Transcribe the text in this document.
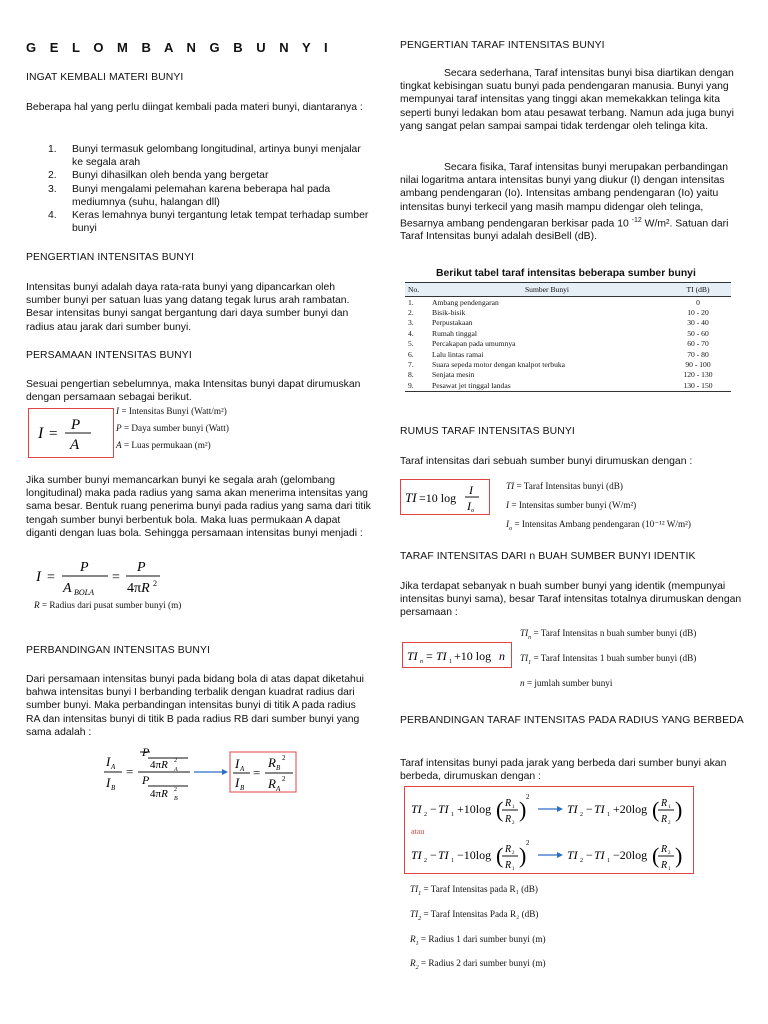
G E L O M B A N G B U N Y I
INGAT KEMBALI MATERI BUNYI
Beberapa hal yang perlu diingat kembali pada materi bunyi, diantaranya :
1. Bunyi termasuk gelombang longitudinal, artinya bunyi menjalar ke segala arah
2. Bunyi dihasilkan oleh benda yang bergetar
3. Bunyi mengalami pelemahan karena beberapa hal pada mediumnya (suhu, halangan dll)
4. Keras lemahnya bunyi tergantung letak tempat terhadap sumber bunyi
PENGERTIAN INTENSITAS BUNYI
Intensitas bunyi adalah daya rata-rata bunyi yang dipancarkan oleh sumber bunyi per satuan luas yang datang tegak lurus arah rambatan. Besar intensitas bunyi sangat bergantung dari daya sumber bunyi dan radius atau jarak dari sumber bunyi.
PERSAMAAN INTENSITAS BUNYI
Sesuai pengertian sebelumnya, maka Intensitas bunyi dapat dirumuskan dengan persamaan sebagai berikut.
I =
P
A
I = Intensitas Bunyi (Watt/m²)
P = Daya sumber bunyi (Watt)
A = Luas permukaan (m²)
Jika sumber bunyi memancarkan bunyi ke segala arah (gelombang longitudinal) maka pada radius yang sama akan menerima intensitas yang sama besar. Bentuk ruang penerima bunyi pada radius yang sama dari titik tengah sumber bunyi berbentuk bola. Maka luas permukaan A dapat diganti dengan luas bola. Sehingga persamaan intensitas bunyi menjadi :
I =
P
A BOLA
=
P
4πR 2
R = Radius dari pusat sumber bunyi (m)
PERBANDINGAN INTENSITAS BUNYI
Dari persamaan intensitas bunyi pada bidang bola di atas dapat diketahui bahwa intensitas bunyi I berbanding terbalik dengan kuadrat radius dari sumber bunyi. Maka perbandingan intensitas bunyi di titik A pada radius RA dan intensitas bunyi di titik B pada radius RB dari sumber bunyi yang sama adalah :
I A
I B
=
P
4πR 2
A
P
4πR 2
B
I A
I B
=
R B
2
R A
2
PENGERTIAN TARAF INTENSITAS BUNYI
Secara sederhana, Taraf intensitas bunyi bisa diartikan dengan tingkat kebisingan suatu bunyi pada pendengaran manusia. Bunyi yang mempunyai taraf intensitas yang tinggi akan memekakkan telinga kita seperti bunyi ledakan bom atau pesawat terbang. Namun ada juga bunyi yang sangat pelan sampai sampai tidak terdengar oleh telinga kita.
Secara fisika, Taraf intensitas bunyi merupakan perbandingan nilai logaritma antara intensitas bunyi yang diukur (I) dengan intensitas ambang pendengaran (Io). Intensitas ambang pendengaran (Io) yaitu intensitas bunyi terkecil yang masih mampu didengar oleh telinga, Besarnya ambang pendengaran berkisar pada 10 $^{-12}$ W/m². Satuan dari Taraf Intensitas bunyi adalah desiBell (dB).
Berikut tabel taraf intensitas beberapa sumber bunyi
No.	Sumber Bunyi	TI (dB)
1.	Ambang pendengaran	0
2.	Bisik-bisik	10 - 20
3.	Perpustakaan	30 - 40
4.	Rumah tinggal	50 - 60
5.	Percakapan pada umumnya	60 - 70
6.	Lalu lintas ramai	70 - 80
7.	Suara sepeda motor dengan knalpot terbuka	90 - 100
8.	Senjata mesin	120 - 130
9.	Pesawat jet tinggal landas	130 - 150
RUMUS TARAF INTENSITAS BUNYI
Taraf intensitas dari sebuah sumber bunyi dirumuskan dengan :
TI =10 log
I
I o
TI = Taraf Intensitas bunyi (dB)
I = Intensitas sumber bunyi (W/m²)
$I_o$ = Intensitas Ambang pendengaran (10⁻¹² W/m²)
TARAF INTENSITAS DARI n BUAH SUMBER BUNYI IDENTIK
Jika terdapat sebanyak n buah sumber bunyi yang identik (mempunyai intensitas bunyi sama), besar Taraf intensitas totalnya dirumuskan dengan persamaan :
TI n = TI 1 +10 log n
$TI_n$ = Taraf Intensitas n buah sumber bunyi (dB)
$TI_1$ = Taraf Intensitas 1 buah sumber bunyi (dB)
n = jumlah sumber bunyi
PERBANDINGAN TARAF INTENSITAS PADA RADIUS YANG BERBEDA
Taraf intensitas bunyi pada jarak yang berbeda dari sumber bunyi akan berbeda, dirumuskan dengan :
TI 2 − TI 1 +10log ( R 1
R 2
) 2
TI 2 − TI 1 +20log ( R 1
R 2
)
atau
TI 2 − TI 1 −10log ( R 2
R 1
) 2
TI 2 − TI 1 −20log ( R 2
R 1
)
$TI_1$ = Taraf Intensitas pada R₁ (dB)
$TI_2$ = Taraf Intensitas Pada R₂ (dB)
$R_1$ = Radius 1 dari sumber bunyi (m)
$R_2$ = Radius 2 dari sumber bunyi (m)
